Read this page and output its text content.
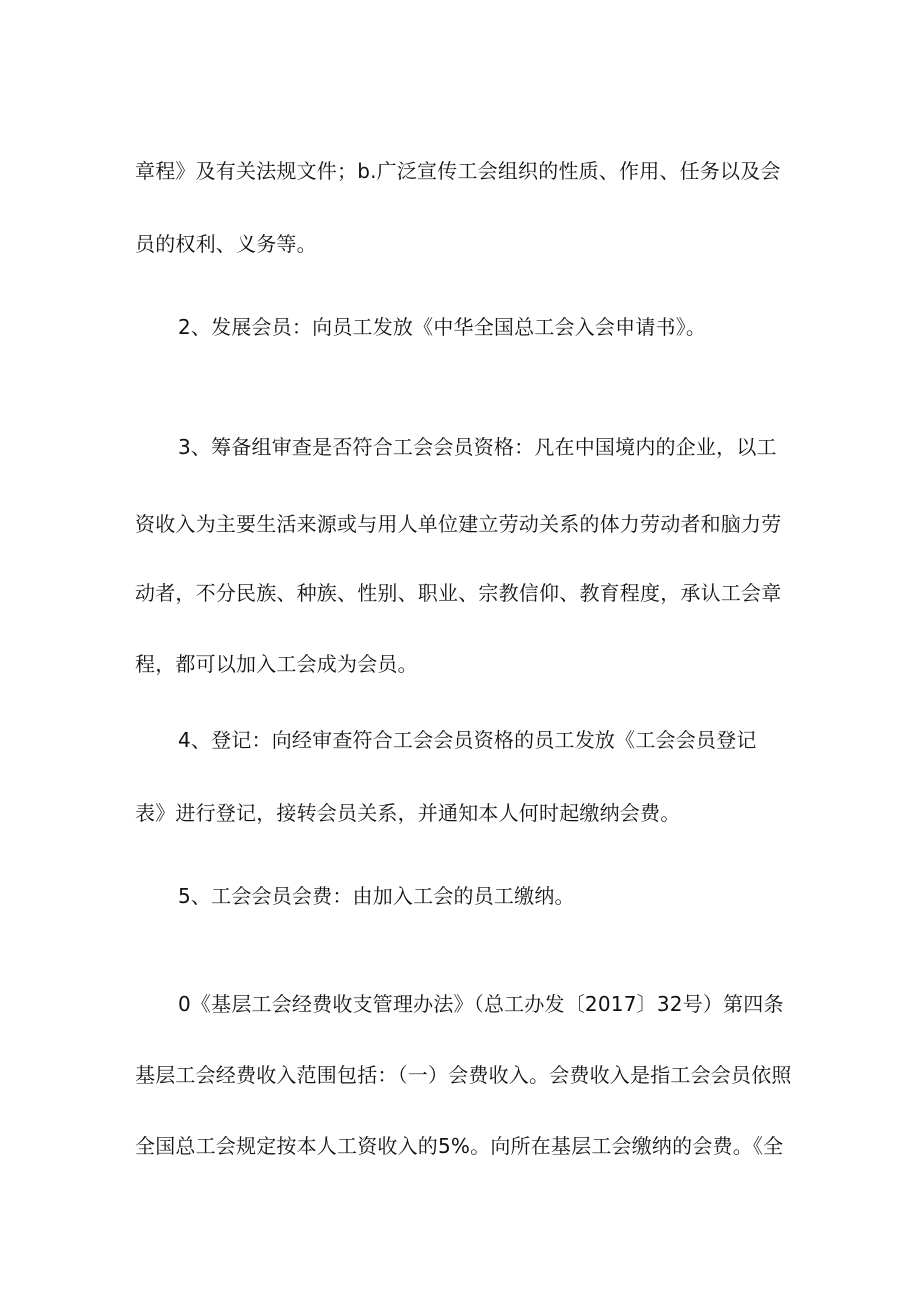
章程》及有关法规文件；b.广泛宣传工会组织的性质、作用、任务以及会
员的权利、义务等。
2、发展会员：向员工发放《中华全国总工会入会申请书》。
3、筹备组审查是否符合工会会员资格：凡在中国境内的企业，以工
资收入为主要生活来源或与用人单位建立劳动关系的体力劳动者和脑力劳
动者，不分民族、种族、性别、职业、宗教信仰、教育程度，承认工会章
程，都可以加入工会成为会员。
4、登记：向经审查符合工会会员资格的员工发放《工会会员登记
表》进行登记，接转会员关系，并通知本人何时起缴纳会费。
5、工会会员会费：由加入工会的员工缴纳。
0《基层工会经费收支管理办法》（总工办发〔2017〕32号）第四条
基层工会经费收入范围包括：（一）会费收入。会费收入是指工会会员依照
全国总工会规定按本人工资收入的5%。向所在基层工会缴纳的会费。《全
